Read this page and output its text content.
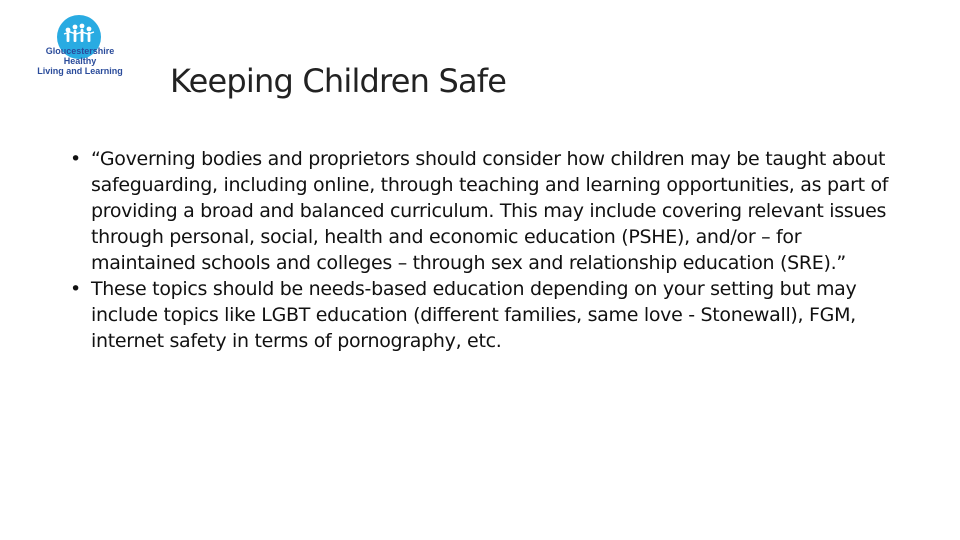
Gloucestershire
Healthy
Living and Learning Keeping Children Safe
• “Governing bodies and proprietors should consider how children may be taught about safeguarding, including online, through teaching and learning opportunities, as part of providing a broad and balanced curriculum. This may include covering relevant issues through personal, social, health and economic education (PSHE), and/or – for maintained schools and colleges – through sex and relationship education (SRE).”
• These topics should be needs-based education depending on your setting but may include topics like LGBT education (different families, same love - Stonewall), FGM, internet safety in terms of pornography, etc.
